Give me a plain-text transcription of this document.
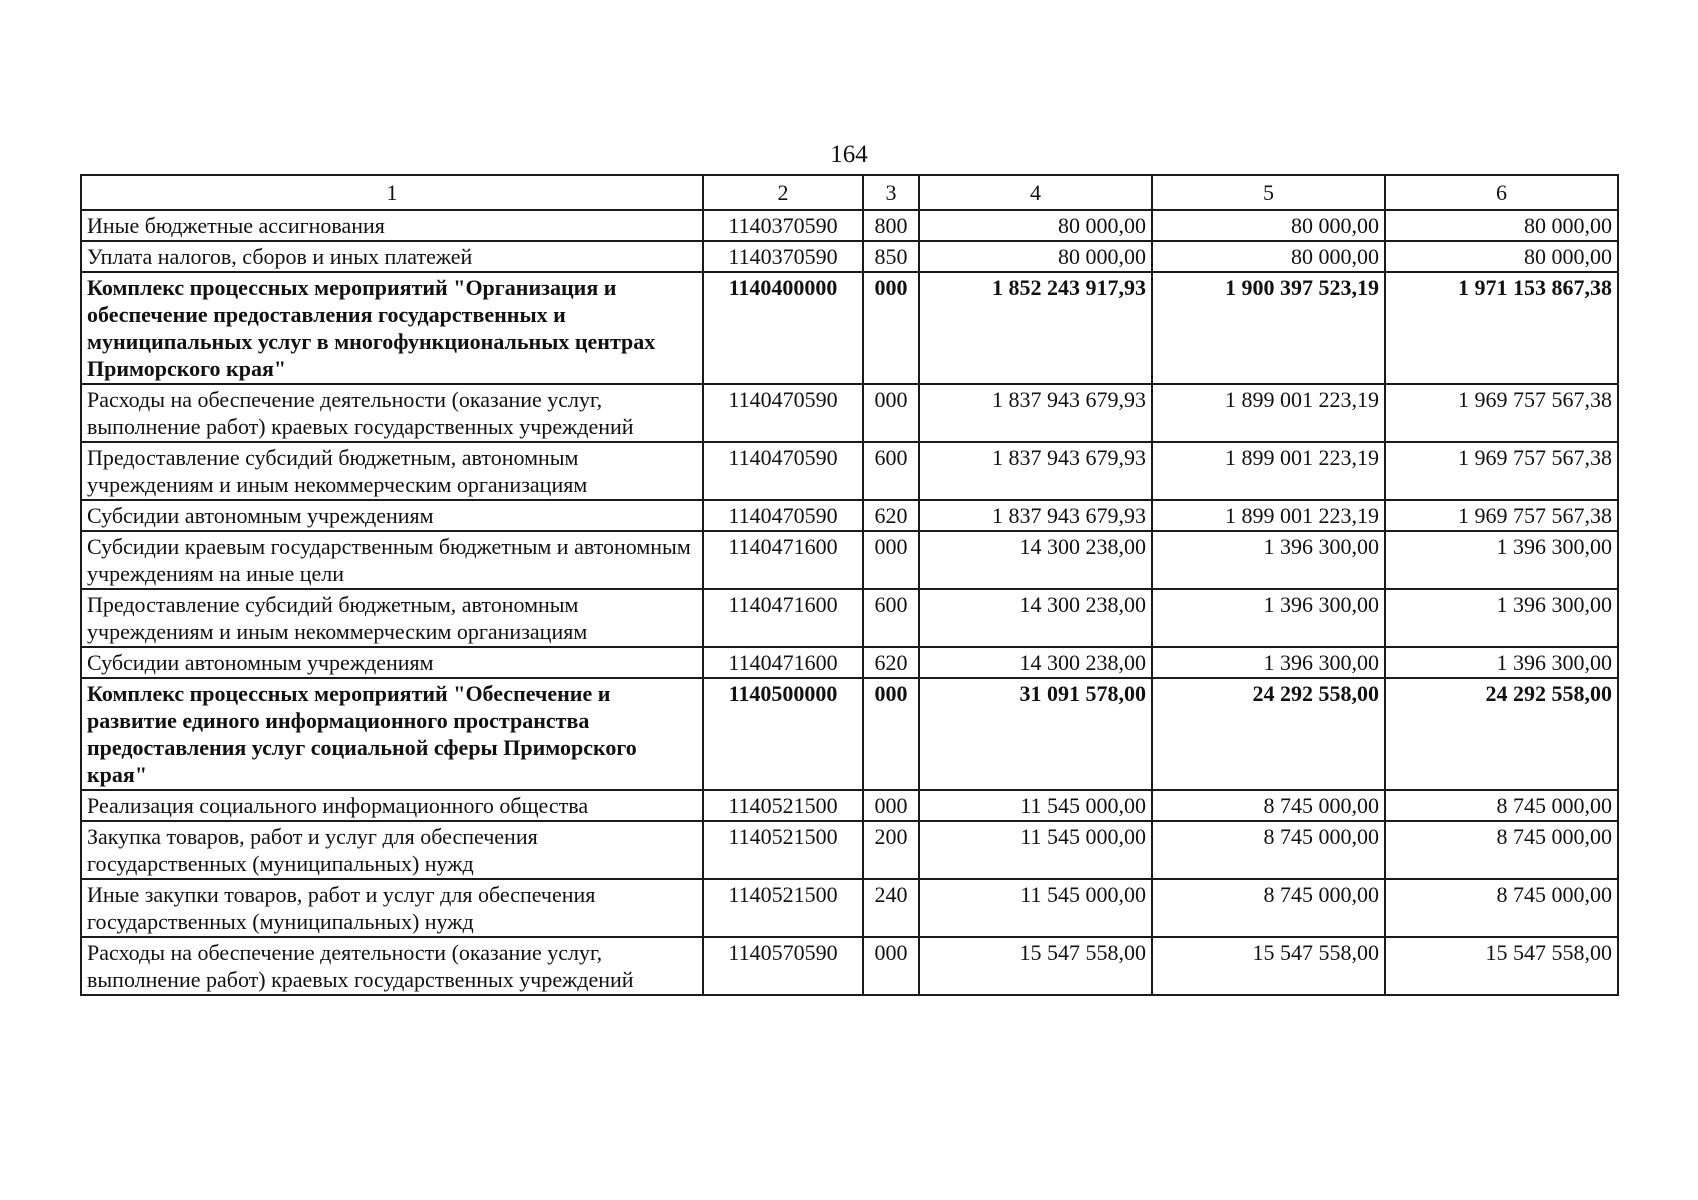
164
1	2	3	4	5	6
Иные бюджетные ассигнования	1140370590	800	80 000,00	80 000,00	80 000,00
Уплата налогов, сборов и иных платежей	1140370590	850	80 000,00	80 000,00	80 000,00
Комплекс процессных мероприятий "Организация и обеспечение предоставления государственных и муниципальных услуг в многофункциональных центрах Приморского края"	1140400000	000	1 852 243 917,93	1 900 397 523,19	1 971 153 867,38
Расходы на обеспечение деятельности (оказание услуг, выполнение работ) краевых государственных учреждений	1140470590	000	1 837 943 679,93	1 899 001 223,19	1 969 757 567,38
Предоставление субсидий бюджетным, автономным учреждениям и иным некоммерческим организациям	1140470590	600	1 837 943 679,93	1 899 001 223,19	1 969 757 567,38
Субсидии автономным учреждениям	1140470590	620	1 837 943 679,93	1 899 001 223,19	1 969 757 567,38
Субсидии краевым государственным бюджетным и автономным учреждениям на иные цели	1140471600	000	14 300 238,00	1 396 300,00	1 396 300,00
Предоставление субсидий бюджетным, автономным учреждениям и иным некоммерческим организациям	1140471600	600	14 300 238,00	1 396 300,00	1 396 300,00
Субсидии автономным учреждениям	1140471600	620	14 300 238,00	1 396 300,00	1 396 300,00
Комплекс процессных мероприятий "Обеспечение и развитие единого информационного пространства предоставления услуг социальной сферы Приморского края"	1140500000	000	31 091 578,00	24 292 558,00	24 292 558,00
Реализация социального информационного общества	1140521500	000	11 545 000,00	8 745 000,00	8 745 000,00
Закупка товаров, работ и услуг для обеспечения государственных (муниципальных) нужд	1140521500	200	11 545 000,00	8 745 000,00	8 745 000,00
Иные закупки товаров, работ и услуг для обеспечения государственных (муниципальных) нужд	1140521500	240	11 545 000,00	8 745 000,00	8 745 000,00
Расходы на обеспечение деятельности (оказание услуг, выполнение работ) краевых государственных учреждений	1140570590	000	15 547 558,00	15 547 558,00	15 547 558,00
